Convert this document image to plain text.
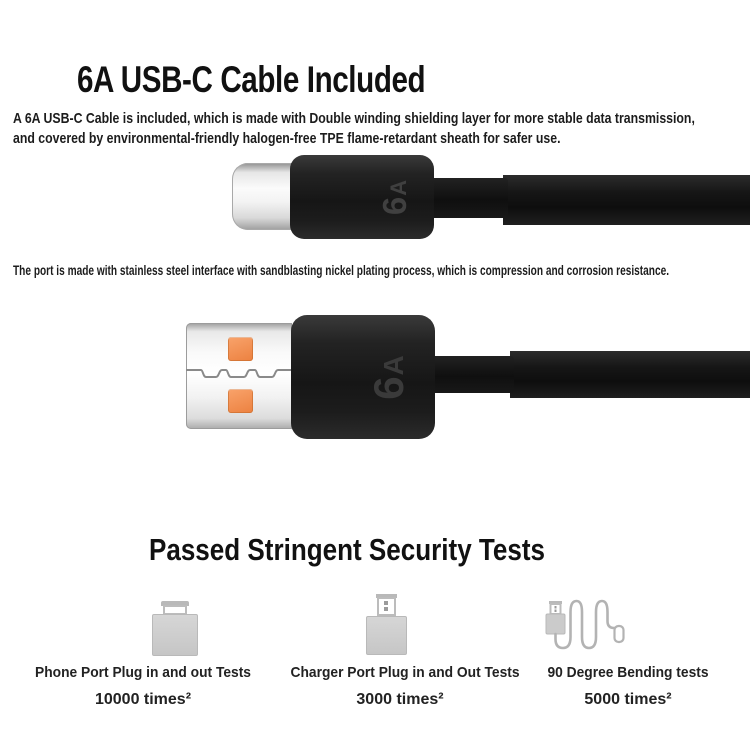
6A USB-C Cable Included
A 6A USB-C Cable is included, which is made with Double winding shielding layer for more stable data transmission,
and covered by environmental-friendly halogen-free TPE flame-retardant sheath for safer use.
6A
The port is made with stainless steel interface with sandblasting nickel plating process, which is compression and corrosion resistance.
6A
Passed Stringent Security Tests
Phone Port Plug in and out Tests
10000 times²
Charger Port Plug in and Out Tests
3000 times²
90 Degree Bending tests
5000 times²
